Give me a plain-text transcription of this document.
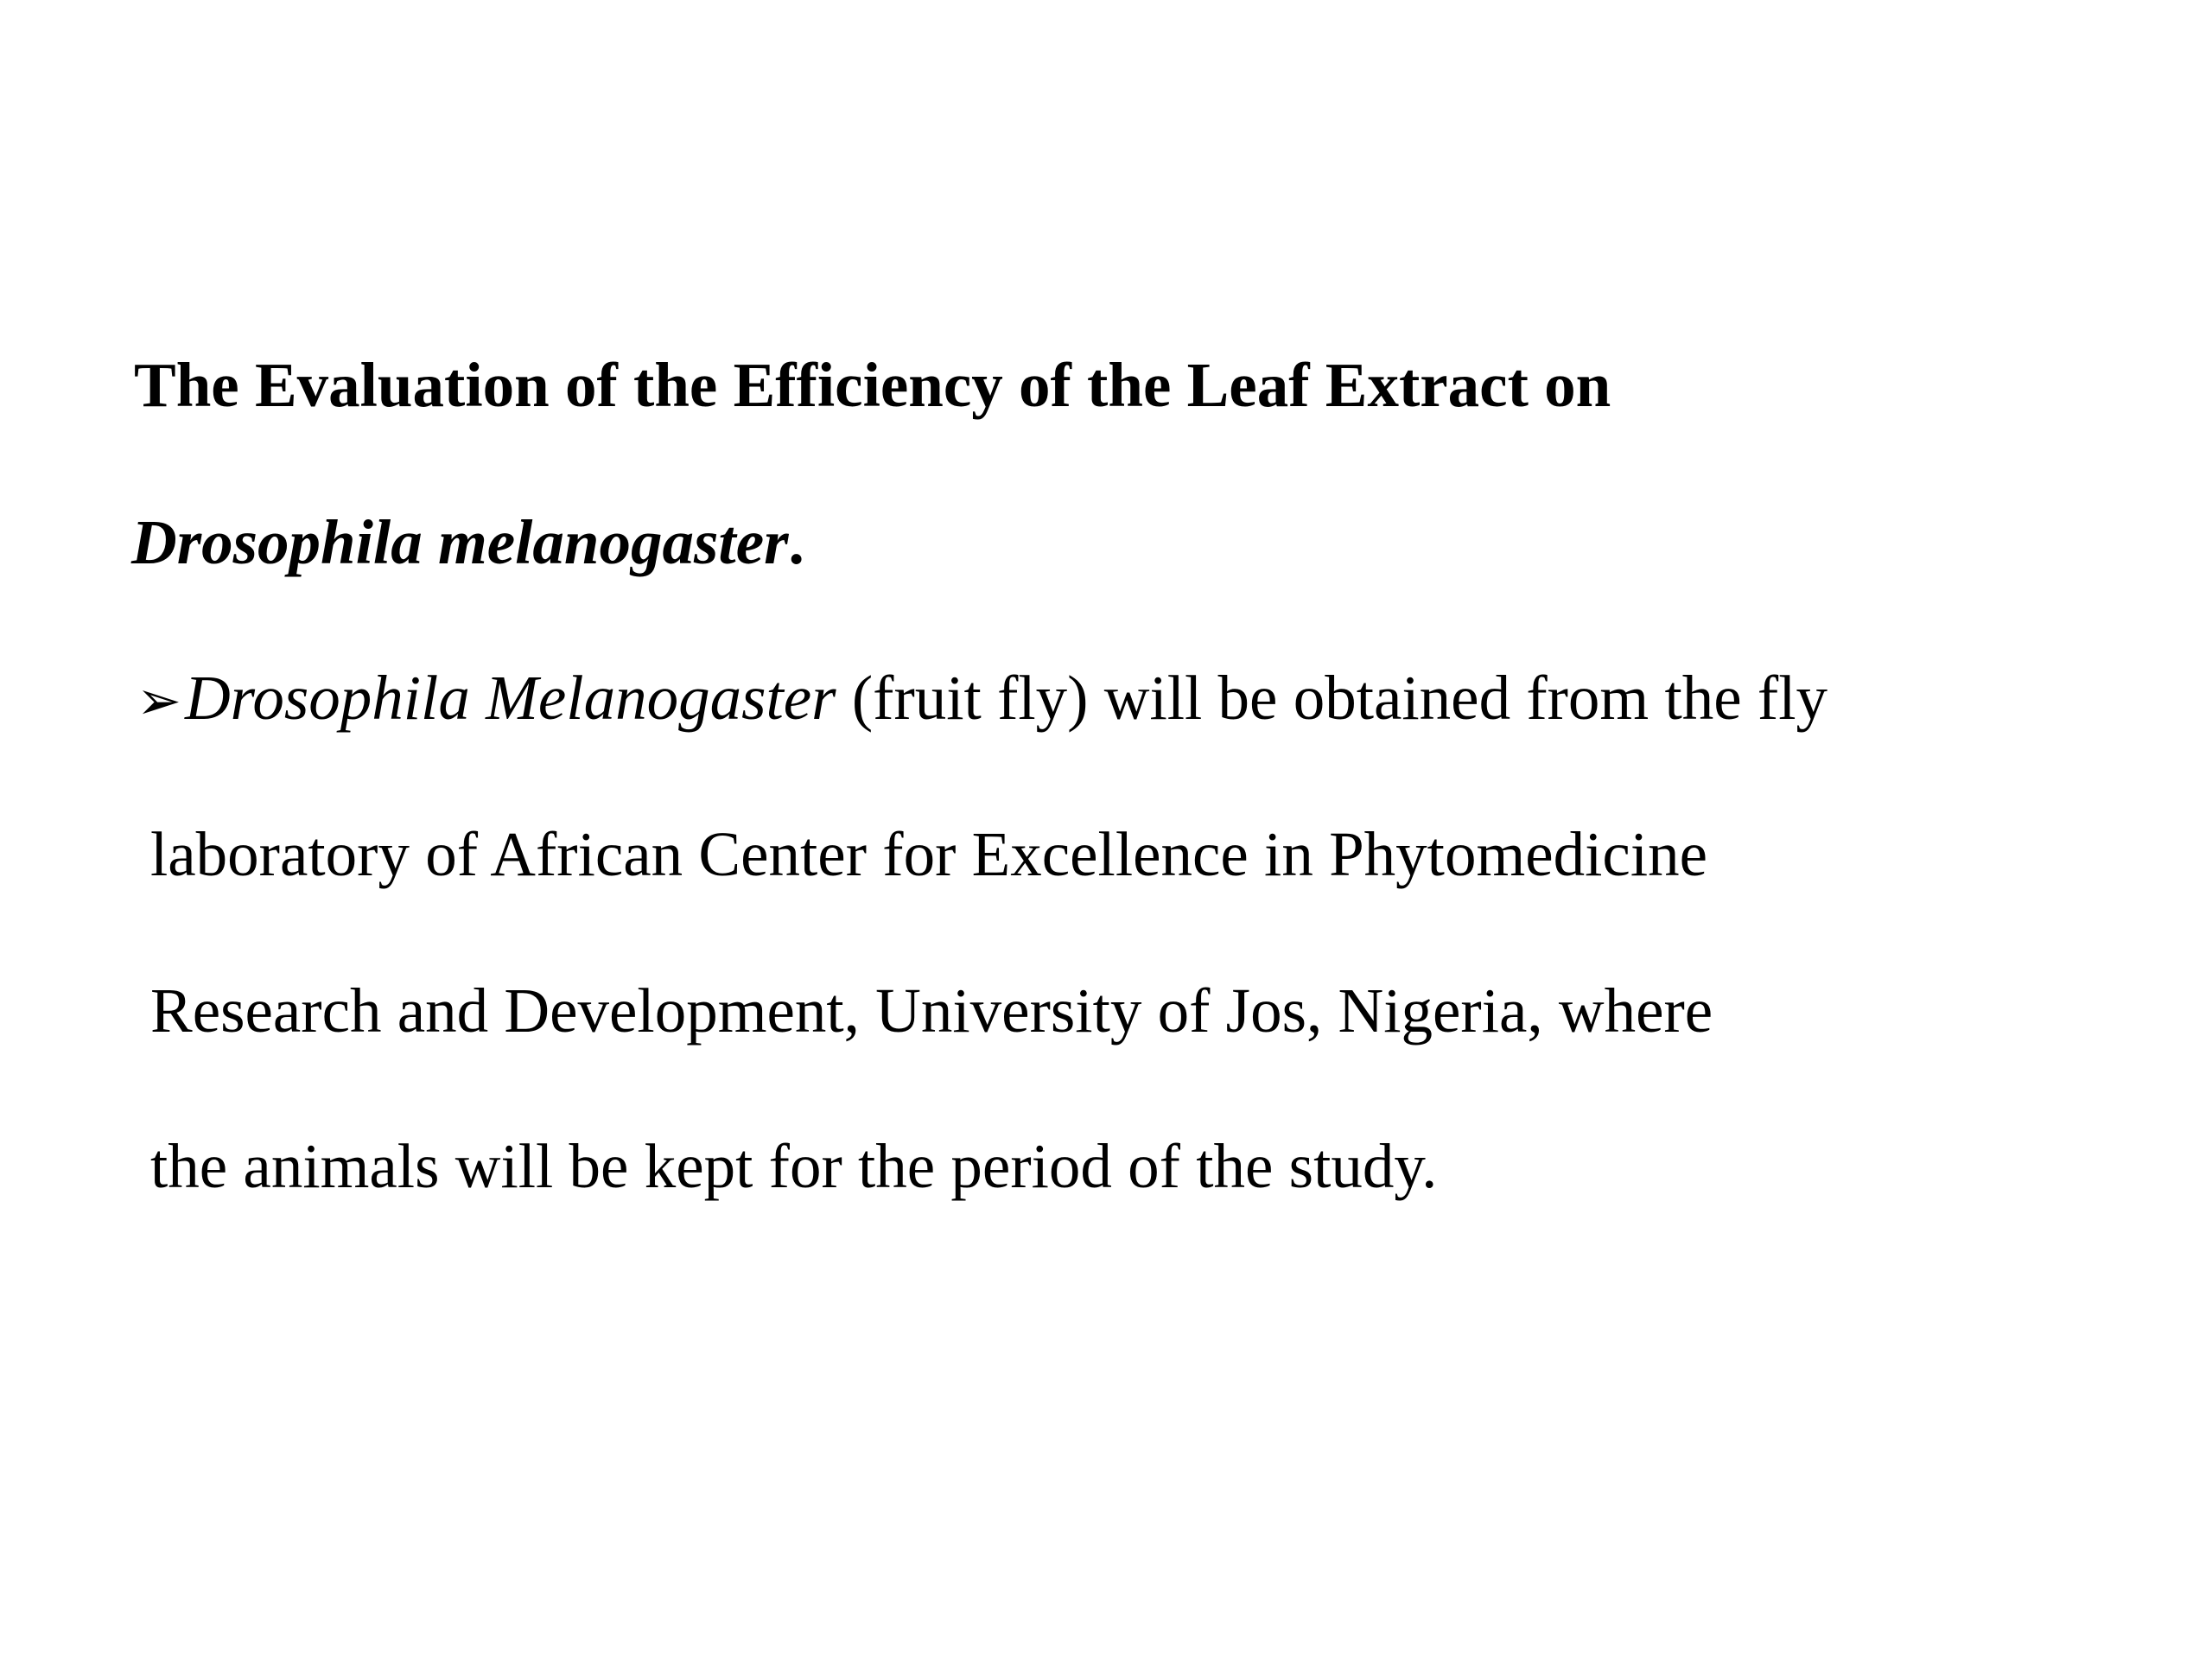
The Evaluation of the Efficiency of the Leaf Extract on
Drosophila melanogaster.
➢Drosophila Melanogaster (fruit fly) will be obtained from the fly
laboratory of African Center for Excellence in Phytomedicine
Research and Development, University of Jos, Nigeria, where
the animals will be kept for the period of the study.
